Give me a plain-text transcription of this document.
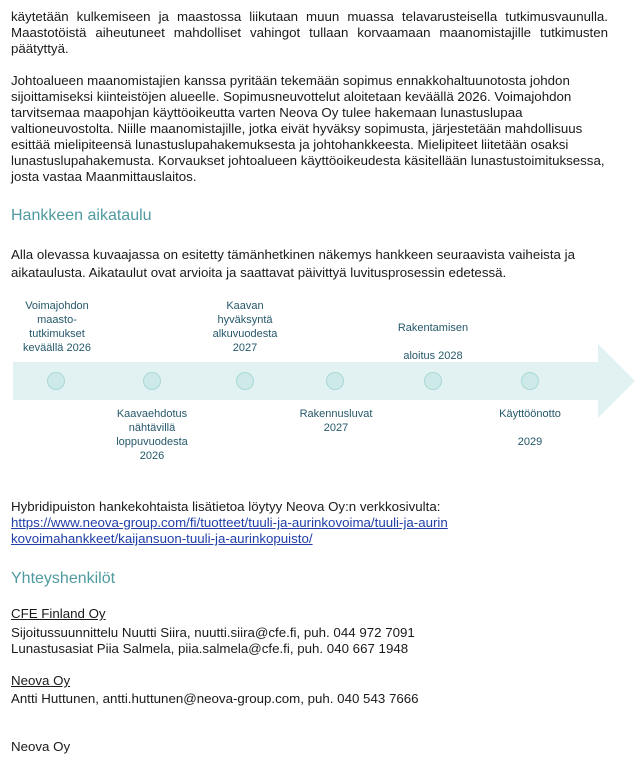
käytetään kulkemiseen ja maastossa liikutaan muun muassa telavarusteisella tutkimusvaunulla. Maastotöistä aiheutuneet mahdolliset vahingot tullaan korvaamaan maanomistajille tutkimusten päätyttyä.

Johtoalueen maanomistajien kanssa pyritään tekemään sopimus ennakkohaltuunotosta johdon sijoittamiseksi kiinteistöjen alueelle. Sopimusneuvottelut aloitetaan keväällä 2026. Voimajohdon tarvitsemaa maapohjan käyttöoikeutta varten Neova Oy tulee hakemaan lunastuslupaa valtioneuvostolta. Niille maanomistajille, jotka eivät hyväksy sopimusta, järjestetään mahdollisuus esittää mielipiteensä lunastuslupahakemuksesta ja johtohankkeesta. Mielipiteet liitetään osaksi lunastuslupahakemusta. Korvaukset johtoalueen käyttöoikeudesta käsitellään lunastustoimituksessa, josta vastaa Maanmittauslaitos.

Hankkeen aikataulu

Alla olevassa kuvaajassa on esitetty tämänhetkinen näkemys hankkeen seuraavista vaiheista ja aikataulusta. Aikataulut ovat arvioita ja saattavat päivittyä luvitusprosessin edetessä.

Voimajohdon
maasto-
tutkimukset
keväällä 2026
Kaavaehdotus
nähtävillä
loppuvuodesta
2026
Kaavan
hyväksyntä
alkuvuodesta
2027
Rakennusluvat
2027
Rakentamisen

aloitus 2028
Käyttöönotto

2029

Hybridipuiston hankekohtaista lisätietoa löytyy Neova Oy:n verkkosivulta:

https://www.neova-group.com/fi/tuotteet/tuuli-ja-aurinkovoima/tuuli-ja-aurinkovoimahankkeet/kaijansuon-tuuli-ja-aurinkopuisto/
Yhteyshenkilöt

CFE Finland Oy

Sijoitussuunnittelu Nuutti Siira, nuutti.siira@cfe.fi, puh. 044 972 7091

Lunastusasiat Piia Salmela, piia.salmela@cfe.fi, puh. 040 667 1948

Neova Oy

Antti Huttunen, antti.huttunen@neova-group.com, puh. 040 543 7666

Neova Oy
